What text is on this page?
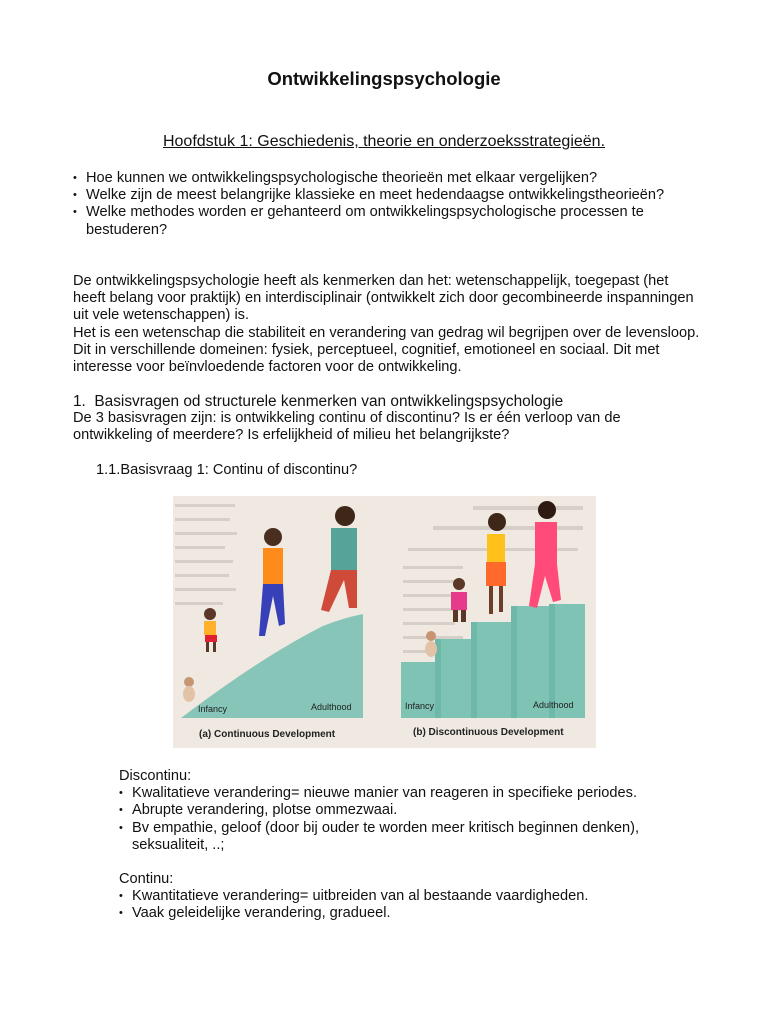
Ontwikkelingspsychologie
Hoofdstuk 1: Geschiedenis, theorie en onderzoeksstrategieën.
• Hoe kunnen we ontwikkelingspsychologische theorieën met elkaar vergelijken?
• Welke zijn de meest belangrijke klassieke en meet hedendaagse ontwikkelingstheorieën?
• Welke methodes worden er gehanteerd om ontwikkelingspsychologische processen te bestuderen?

De ontwikkelingspsychologie heeft als kenmerken dan het: wetenschappelijk, toegepast (het heeft belang voor praktijk) en interdisciplinair (ontwikkelt zich door gecombineerde inspanningen uit vele wetenschappen) is.

Het is een wetenschap die stabiliteit en verandering van gedrag wil begrijpen over de levensloop. Dit in verschillende domeinen: fysiek, perceptueel, cognitief, emotioneel en sociaal. Dit met interesse voor beïnvloedende factoren voor de ontwikkeling.

1. Basisvragen od structurele kenmerken van ontwikkelingspsychologie

De 3 basisvragen zijn: is ontwikkeling continu of discontinu? Is er één verloop van de ontwikkeling of meerdere? Is erfelijkheid of milieu het belangrijkste?

1.1.Basisvraag 1: Continu of discontinu?
Infancy	Adulthood	Infancy	Adulthood
(a) Continuous Development	(b) Discontinuous Development
Discontinu:
• Kwalitatieve verandering= nieuwe manier van reageren in specifieke periodes.
• Abrupte verandering, plotse ommezwaai.
• Bv empathie, geloof (door bij ouder te worden meer kritisch beginnen denken), seksualiteit, ..;
Continu:
• Kwantitatieve verandering= uitbreiden van al bestaande vaardigheden.
• Vaak geleidelijke verandering, gradueel.
